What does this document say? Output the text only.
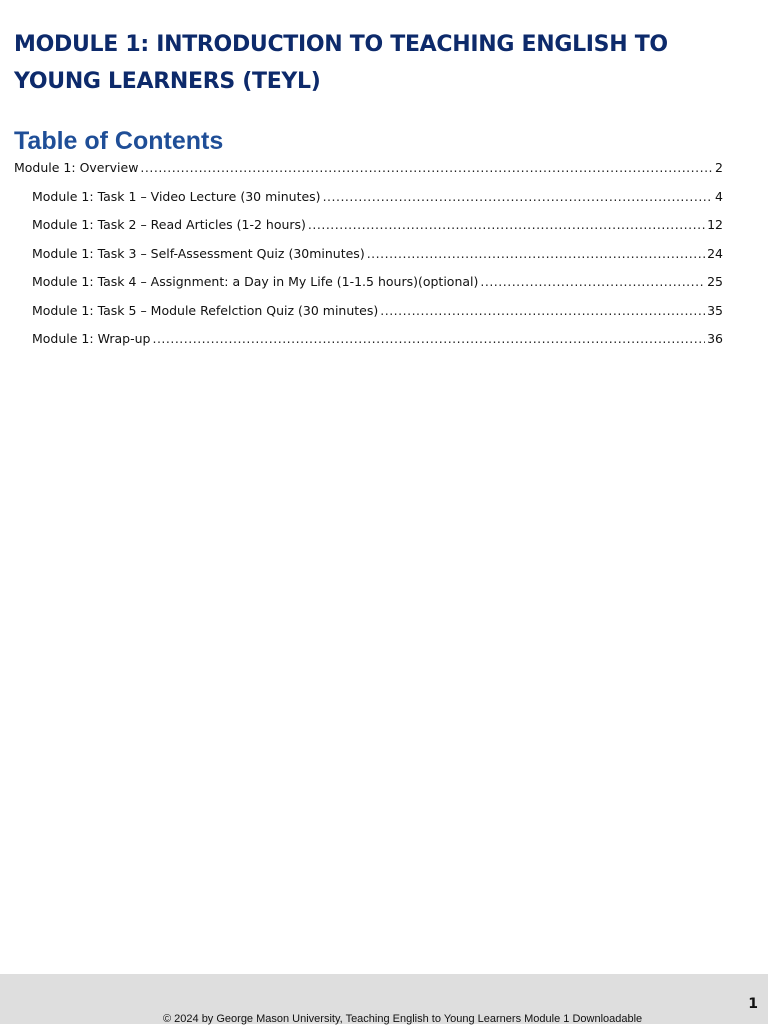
MODULE 1: INTRODUCTION TO TEACHING ENGLISH TO YOUNG LEARNERS (TEYL)
Table of Contents
Module 1: Overview .....	2
Module 1: Task 1 – Video Lecture (30 minutes) .....	4
Module 1: Task 2 – Read Articles (1-2 hours) .....	12
Module 1: Task 3 – Self-Assessment Quiz (30minutes) .....	24
Module 1: Task 4 – Assignment: a Day in My Life (1-1.5 hours)(optional) .....	25
Module 1: Task 5 – Module Refelction Quiz (30 minutes) .....	35
Module 1: Wrap-up .....	36
1
© 2024 by George Mason University, Teaching English to Young Learners Module 1 Downloadable
